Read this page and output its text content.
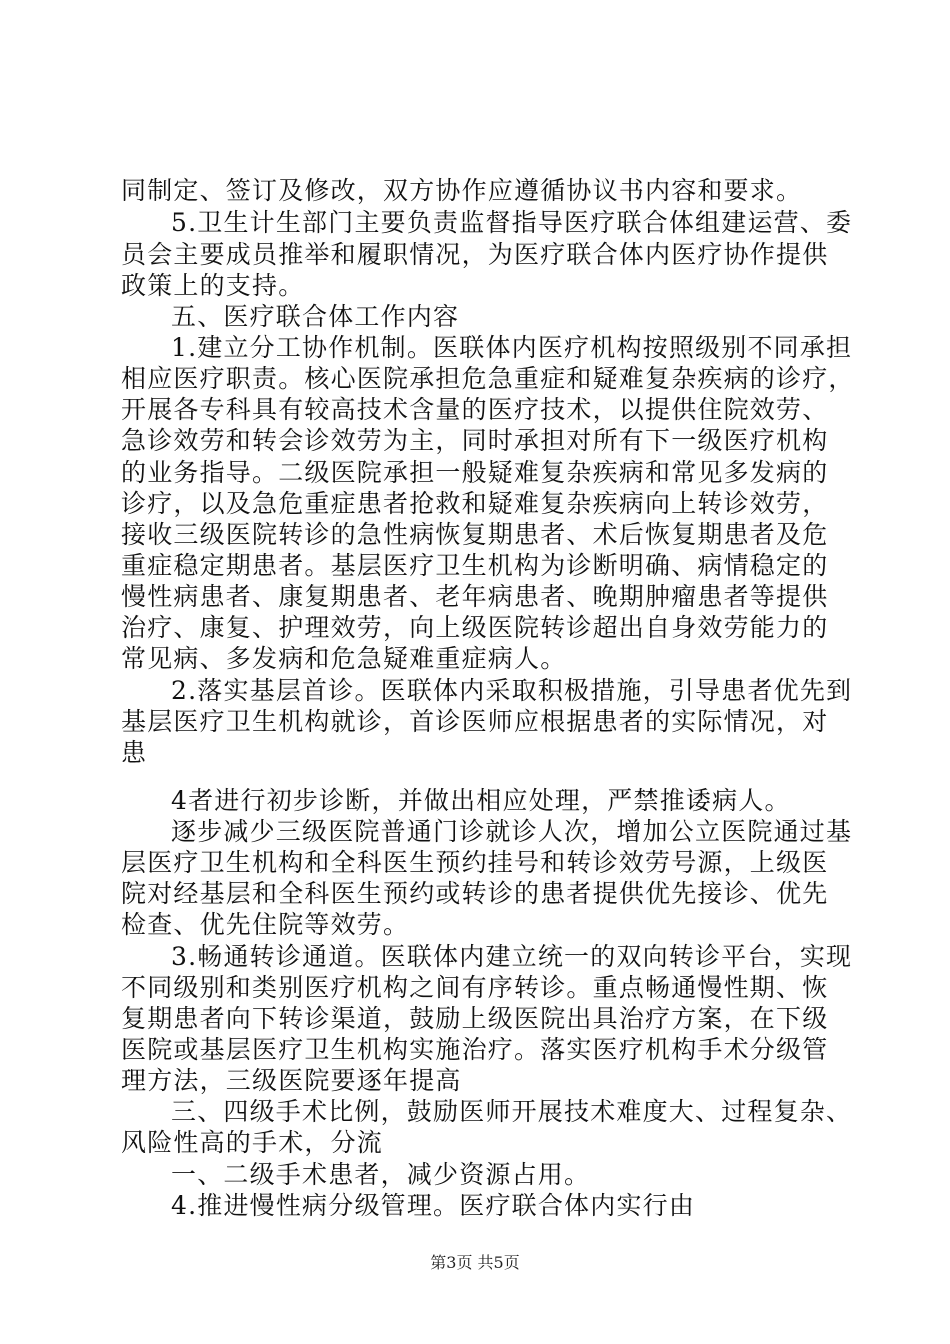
同制定、签订及修改，双方协作应遵循协议书内容和要求。
5.卫生计生部门主要负责监督指导医疗联合体组建运营、委
员会主要成员推举和履职情况，为医疗联合体内医疗协作提供
政策上的支持。
五、医疗联合体工作内容
1.建立分工协作机制。医联体内医疗机构按照级别不同承担
相应医疗职责。核心医院承担危急重症和疑难复杂疾病的诊疗，
开展各专科具有较高技术含量的医疗技术，以提供住院效劳、
急诊效劳和转会诊效劳为主，同时承担对所有下一级医疗机构
的业务指导。二级医院承担一般疑难复杂疾病和常见多发病的
诊疗，以及急危重症患者抢救和疑难复杂疾病向上转诊效劳，
接收三级医院转诊的急性病恢复期患者、术后恢复期患者及危
重症稳定期患者。基层医疗卫生机构为诊断明确、病情稳定的
慢性病患者、康复期患者、老年病患者、晚期肿瘤患者等提供
治疗、康复、护理效劳，向上级医院转诊超出自身效劳能力的
常见病、多发病和危急疑难重症病人。
2.落实基层首诊。医联体内采取积极措施，引导患者优先到
基层医疗卫生机构就诊，首诊医师应根据患者的实际情况，对
患
4者进行初步诊断，并做出相应处理，严禁推诿病人。
逐步减少三级医院普通门诊就诊人次，增加公立医院通过基
层医疗卫生机构和全科医生预约挂号和转诊效劳号源，上级医
院对经基层和全科医生预约或转诊的患者提供优先接诊、优先
检查、优先住院等效劳。
3.畅通转诊通道。医联体内建立统一的双向转诊平台，实现
不同级别和类别医疗机构之间有序转诊。重点畅通慢性期、恢
复期患者向下转诊渠道，鼓励上级医院出具治疗方案，在下级
医院或基层医疗卫生机构实施治疗。落实医疗机构手术分级管
理方法，三级医院要逐年提高
三、四级手术比例，鼓励医师开展技术难度大、过程复杂、
风险性高的手术，分流
一、二级手术患者，减少资源占用。
4.推进慢性病分级管理。医疗联合体内实行由
第3页 共5页
